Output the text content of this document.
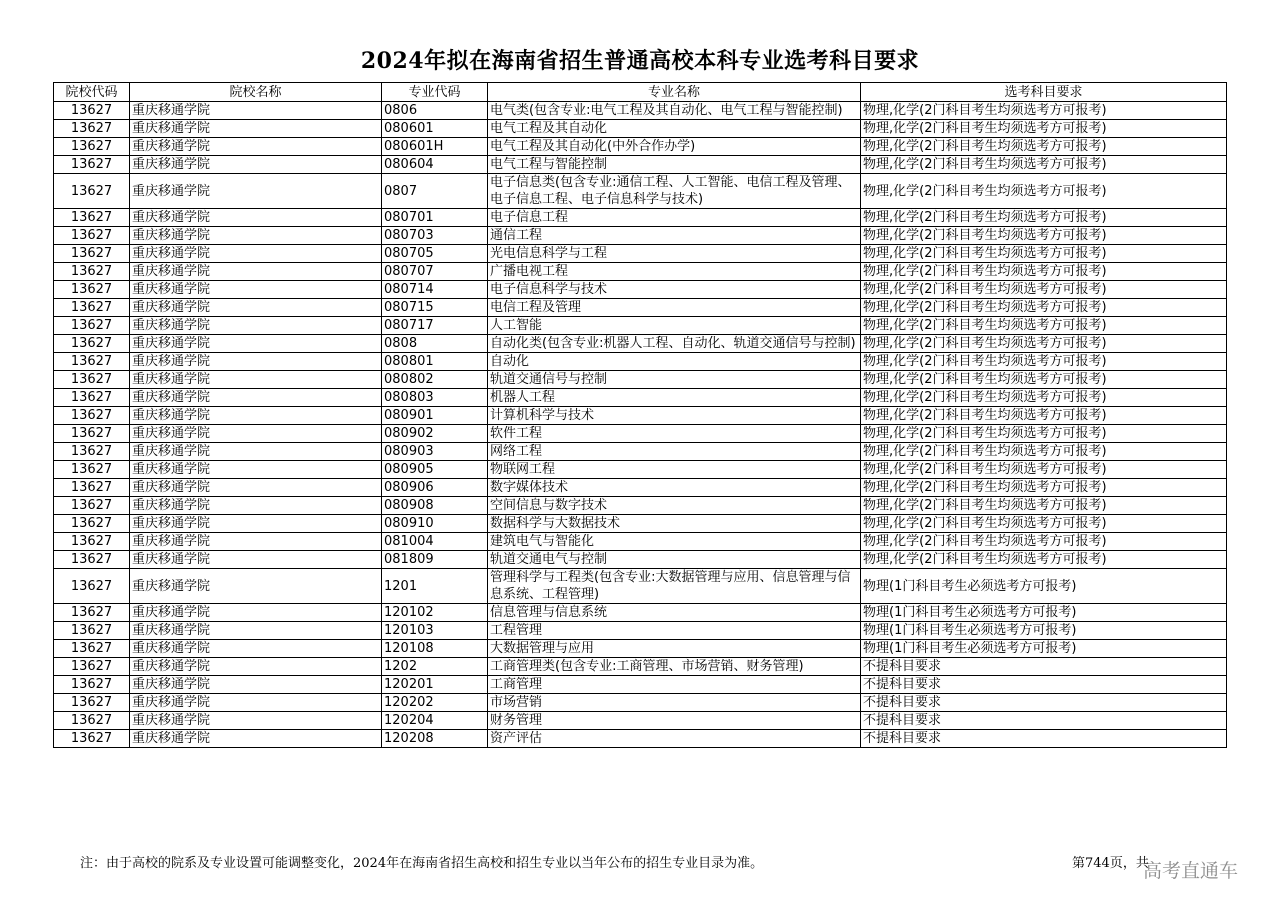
2024年拟在海南省招生普通高校本科专业选考科目要求
院校代码	院校名称	专业代码	专业名称	选考科目要求
13627	重庆移通学院	0806	电气类(包含专业:电气工程及其自动化、电气工程与智能控制)	物理,化学(2门科目考生均须选考方可报考)
13627	重庆移通学院	080601	电气工程及其自动化	物理,化学(2门科目考生均须选考方可报考)
13627	重庆移通学院	080601H	电气工程及其自动化(中外合作办学)	物理,化学(2门科目考生均须选考方可报考)
13627	重庆移通学院	080604	电气工程与智能控制	物理,化学(2门科目考生均须选考方可报考)
13627	重庆移通学院	0807	电子信息类(包含专业:通信工程、人工智能、电信工程及管理、电子信息工程、电子信息科学与技术)	物理,化学(2门科目考生均须选考方可报考)
13627	重庆移通学院	080701	电子信息工程	物理,化学(2门科目考生均须选考方可报考)
13627	重庆移通学院	080703	通信工程	物理,化学(2门科目考生均须选考方可报考)
13627	重庆移通学院	080705	光电信息科学与工程	物理,化学(2门科目考生均须选考方可报考)
13627	重庆移通学院	080707	广播电视工程	物理,化学(2门科目考生均须选考方可报考)
13627	重庆移通学院	080714	电子信息科学与技术	物理,化学(2门科目考生均须选考方可报考)
13627	重庆移通学院	080715	电信工程及管理	物理,化学(2门科目考生均须选考方可报考)
13627	重庆移通学院	080717	人工智能	物理,化学(2门科目考生均须选考方可报考)
13627	重庆移通学院	0808	自动化类(包含专业:机器人工程、自动化、轨道交通信号与控制)	物理,化学(2门科目考生均须选考方可报考)
13627	重庆移通学院	080801	自动化	物理,化学(2门科目考生均须选考方可报考)
13627	重庆移通学院	080802	轨道交通信号与控制	物理,化学(2门科目考生均须选考方可报考)
13627	重庆移通学院	080803	机器人工程	物理,化学(2门科目考生均须选考方可报考)
13627	重庆移通学院	080901	计算机科学与技术	物理,化学(2门科目考生均须选考方可报考)
13627	重庆移通学院	080902	软件工程	物理,化学(2门科目考生均须选考方可报考)
13627	重庆移通学院	080903	网络工程	物理,化学(2门科目考生均须选考方可报考)
13627	重庆移通学院	080905	物联网工程	物理,化学(2门科目考生均须选考方可报考)
13627	重庆移通学院	080906	数字媒体技术	物理,化学(2门科目考生均须选考方可报考)
13627	重庆移通学院	080908	空间信息与数字技术	物理,化学(2门科目考生均须选考方可报考)
13627	重庆移通学院	080910	数据科学与大数据技术	物理,化学(2门科目考生均须选考方可报考)
13627	重庆移通学院	081004	建筑电气与智能化	物理,化学(2门科目考生均须选考方可报考)
13627	重庆移通学院	081809	轨道交通电气与控制	物理,化学(2门科目考生均须选考方可报考)
13627	重庆移通学院	1201	管理科学与工程类(包含专业:大数据管理与应用、信息管理与信息系统、工程管理)	物理(1门科目考生必须选考方可报考)
13627	重庆移通学院	120102	信息管理与信息系统	物理(1门科目考生必须选考方可报考)
13627	重庆移通学院	120103	工程管理	物理(1门科目考生必须选考方可报考)
13627	重庆移通学院	120108	大数据管理与应用	物理(1门科目考生必须选考方可报考)
13627	重庆移通学院	1202	工商管理类(包含专业:工商管理、市场营销、财务管理)	不提科目要求
13627	重庆移通学院	120201	工商管理	不提科目要求
13627	重庆移通学院	120202	市场营销	不提科目要求
13627	重庆移通学院	120204	财务管理	不提科目要求
13627	重庆移通学院	120208	资产评估	不提科目要求
注：由于高校的院系及专业设置可能调整变化，2024年在海南省招生高校和招生专业以当年公布的招生专业目录为准。	第744页，共
高考直通车
